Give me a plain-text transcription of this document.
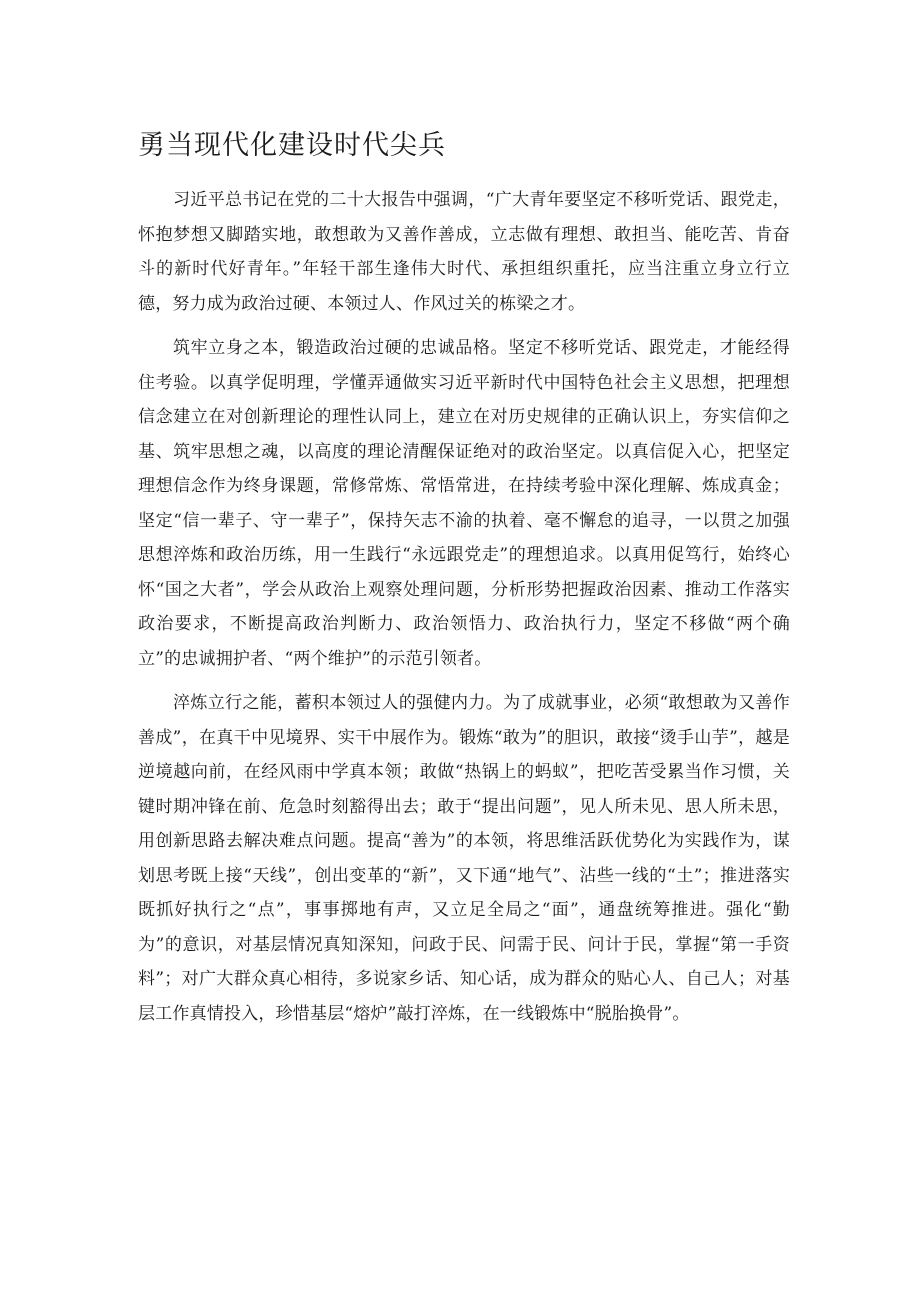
勇当现代化建设时代尖兵

习近平总书记在党的二十大报告中强调，“广大青年要坚定不移听党话、跟党走，怀抱梦想又脚踏实地，敢想敢为又善作善成，立志做有理想、敢担当、能吃苦、肯奋斗的新时代好青年。”年轻干部生逢伟大时代、承担组织重托，应当注重立身立行立德，努力成为政治过硬、本领过人、作风过关的栋梁之才。

筑牢立身之本，锻造政治过硬的忠诚品格。坚定不移听党话、跟党走，才能经得住考验。以真学促明理，学懂弄通做实习近平新时代中国特色社会主义思想，把理想信念建立在对创新理论的理性认同上，建立在对历史规律的正确认识上，夯实信仰之基、筑牢思想之魂，以高度的理论清醒保证绝对的政治坚定。以真信促入心，把坚定理想信念作为终身课题，常修常炼、常悟常进，在持续考验中深化理解、炼成真金；坚定“信一辈子、守一辈子”，保持矢志不渝的执着、毫不懈怠的追寻，一以贯之加强思想淬炼和政治历练，用一生践行“永远跟党走”的理想追求。以真用促笃行，始终心怀“国之大者”，学会从政治上观察处理问题，分析形势把握政治因素、推动工作落实政治要求，不断提高政治判断力、政治领悟力、政治执行力，坚定不移做“两个确立”的忠诚拥护者、“两个维护”的示范引领者。

淬炼立行之能，蓄积本领过人的强健内力。为了成就事业，必须“敢想敢为又善作善成”，在真干中见境界、实干中展作为。锻炼“敢为”的胆识，敢接“烫手山芋”，越是逆境越向前，在经风雨中学真本领；敢做“热锅上的蚂蚁”，把吃苦受累当作习惯，关键时期冲锋在前、危急时刻豁得出去；敢于“提出问题”，见人所未见、思人所未思，用创新思路去解决难点问题。提高“善为”的本领，将思维活跃优势化为实践作为，谋划思考既上接“天线”，创出变革的“新”，又下通“地气”、沾些一线的“土”；推进落实既抓好执行之“点”，事事掷地有声，又立足全局之“面”，通盘统筹推进。强化“勤为”的意识，对基层情况真知深知，问政于民、问需于民、问计于民，掌握“第一手资料”；对广大群众真心相待，多说家乡话、知心话，成为群众的贴心人、自己人；对基层工作真情投入，珍惜基层“熔炉”敲打淬炼，在一线锻炼中“脱胎换骨”。
